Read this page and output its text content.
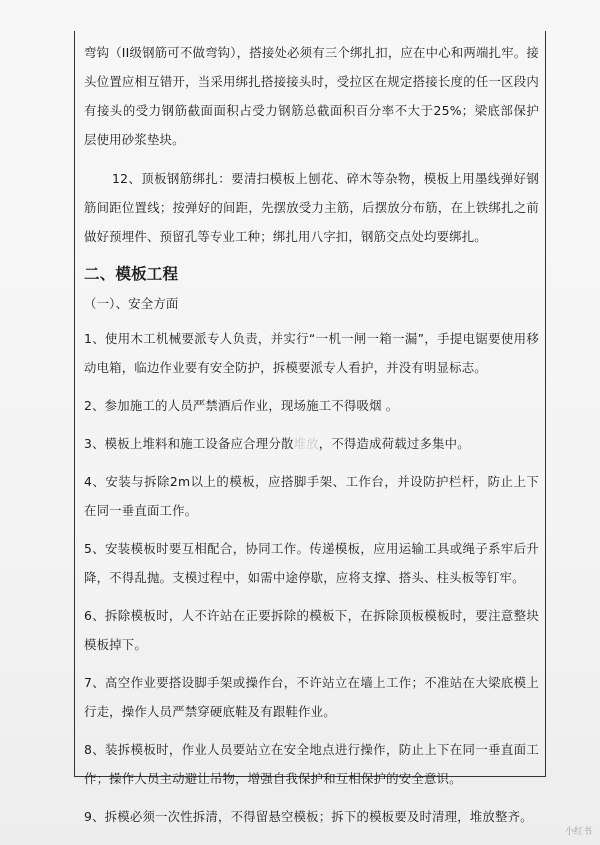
弯钩（II级钢筋可不做弯钩），搭接处必须有三个绑扎扣，应在中心和两端扎牢。接头位置应相互错开，当采用绑扎搭接接头时，受拉区在规定搭接长度的任一区段内有接头的受力钢筋截面面积占受力钢筋总截面积百分率不大于25%；梁底部保护层使用砂浆垫块。

12、顶板钢筋绑扎：要清扫模板上刨花、碎木等杂物，模板上用墨线弹好钢筋间距位置线；按弹好的间距，先摆放受力主筋，后摆放分布筋，在上铁绑扎之前做好预埋件、预留孔等专业工种；绑扎用八字扣，钢筋交点处均要绑扎。

二、模板工程

（一）、安全方面

1、使用木工机械要派专人负责，并实行“一机一闸一箱一漏”，手提电锯要使用移动电箱，临边作业要有安全防护，拆模要派专人看护，并没有明显标志。

2、参加施工的人员严禁酒后作业，现场施工不得吸烟 。

3、模板上堆料和施工设备应合理分散堆放，不得造成荷载过多集中。

4、安装与拆除2m以上的模板，应搭脚手架、工作台，并设防护栏杆，防止上下在同一垂直面工作。

5、安装模板时要互相配合，协同工作。传递模板，应用运输工具或绳子系牢后升降，不得乱抛。支模过程中，如需中途停歇，应将支撑、搭头、柱头板等钉牢。

6、拆除模板时，人不许站在正要拆除的模板下，在拆除顶板模板时，要注意整块模板掉下。

7、高空作业要搭设脚手架或操作台，不许站立在墙上工作；不准站在大梁底模上行走，操作人员严禁穿硬底鞋及有跟鞋作业。

8、装拆模板时，作业人员要站立在安全地点进行操作，防止上下在同一垂直面工作；操作人员主动避让吊物，增强自我保护和互相保护的安全意识。

9、拆模必须一次性拆清，不得留悬空模板；拆下的模板要及时清理，堆放整齐。

小红书
